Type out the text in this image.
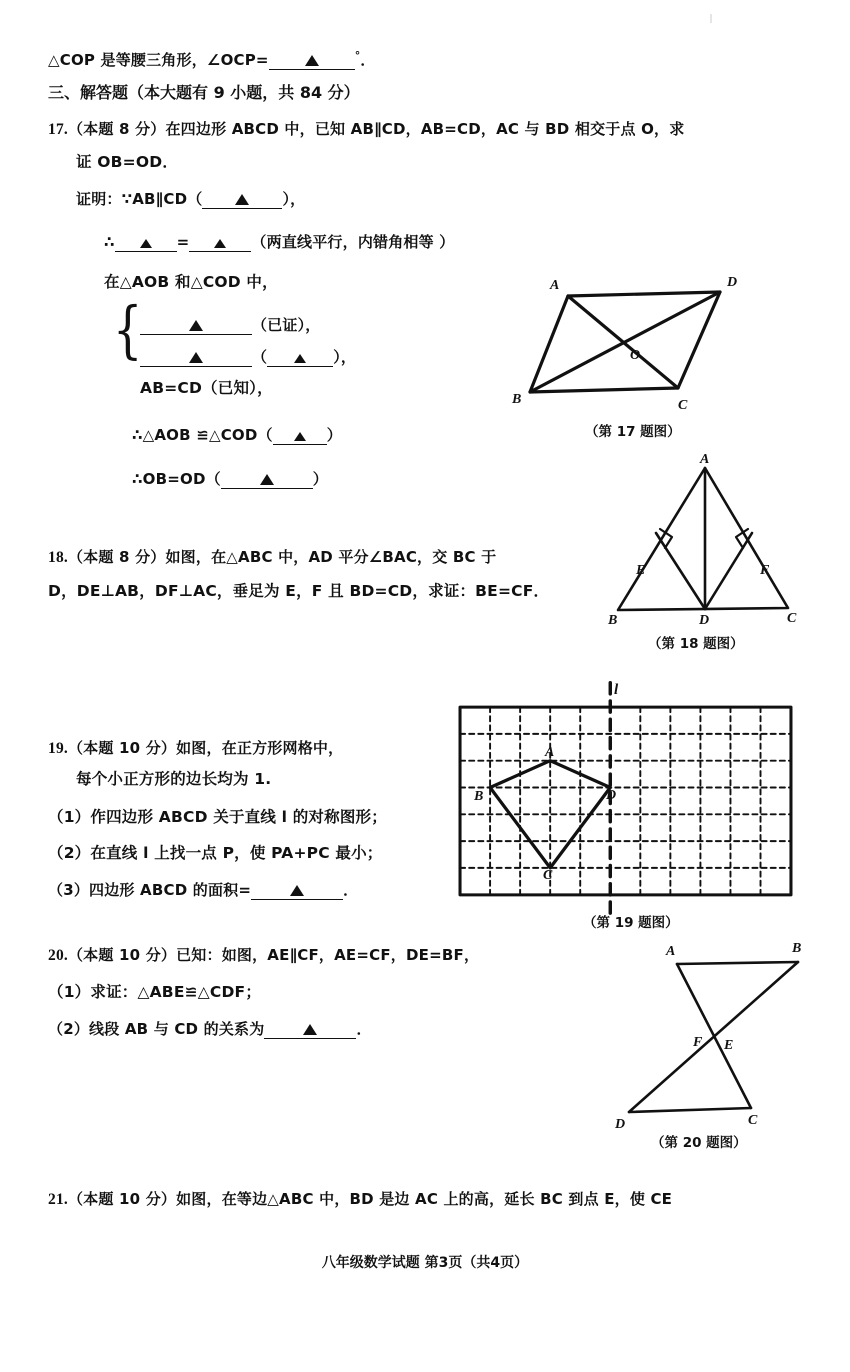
△COP 是等腰三角形，∠OCP=	°．
三、解答题（本大题有 9 小题，共 84 分）
17.（本题 8 分）在四边形 ABCD 中，已知 AB∥CD，AB=CD，AC 与 BD 相交于点 O，求
证 OB=OD．
证明：∵AB∥CD（	），
∴	=	（两直线平行，内错角相等 ）
在△AOB 和△COD 中，
{	（已证），
（	），
AB=CD（已知），
∴△AOB ≌△COD（	）
∴OB=OD（	）
A	D
O
B	C
（第 17 题图）
18.（本题 8 分）如图，在△ABC 中，AD 平分∠BAC，交 BC 于
D，DE⊥AB，DF⊥AC，垂足为 E，F 且 BD=CD，求证：BE=CF．
A
E	F
B	D	C
（第 18 题图）
19.（本题 10 分）如图，在正方形网格中，
每个小正方形的边长均为 1.
（1）作四边形 ABCD 关于直线 l 的对称图形；
（2）在直线 l 上找一点 P，使 PA+PC 最小；
（3）四边形 ABCD 的面积=	．
l
A
B	D
C
（第 19 题图）
20.（本题 10 分）已知：如图，AE∥CF，AE=CF，DE=BF，
（1）求证：△ABE≌△CDF；
（2）线段 AB 与 CD 的关系为	．
A	B
F E
D	C
（第 20 题图）
21.（本题 10 分）如图，在等边△ABC 中，BD 是边 AC 上的高，延长 BC 到点 E，使 CE
八年级数学试题 第3页（共4页）
